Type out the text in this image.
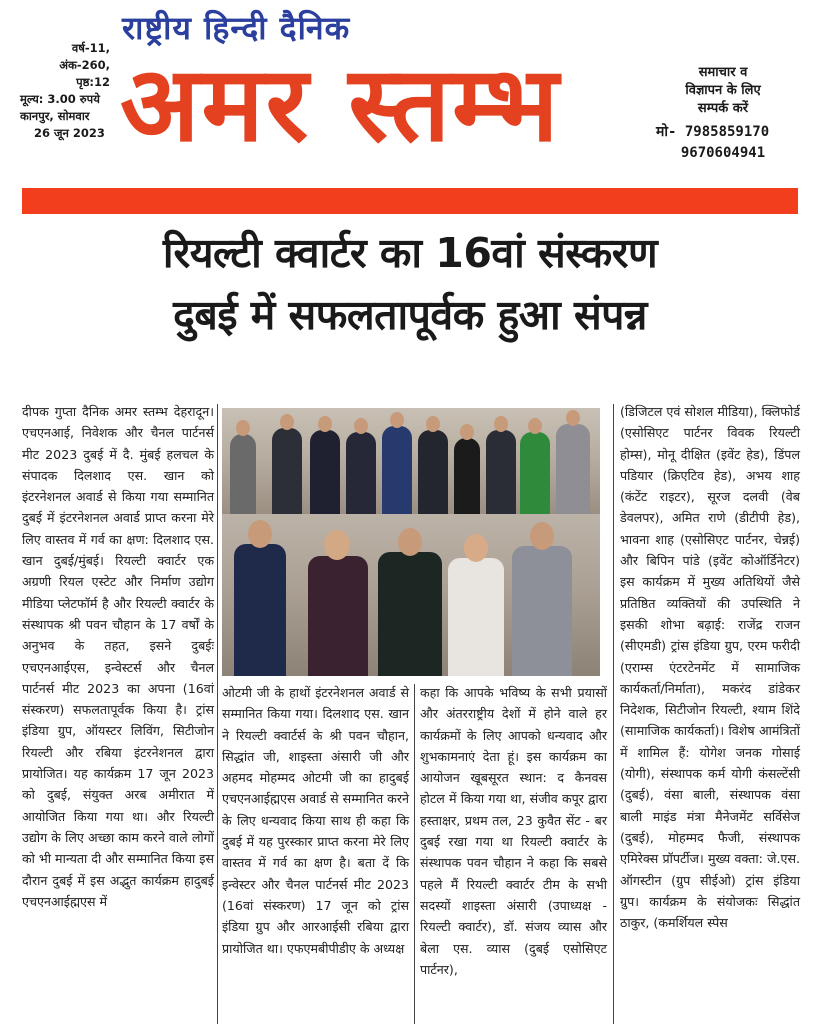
राष्ट्रीय हिन्दी दैनिक
अमर स्तम्भ
वर्ष-11,
अंक-260,
पृष्ठ:12
मूल्य: 3.00 रुपये
कानपुर, सोमवार
26 जून 2023
समाचार व
विज्ञापन के लिए
सम्पर्क करें
मो- 7985859170
9670604941
रियल्टी क्वार्टर का 16वां संस्करण
दुबई में सफलतापूर्वक हुआ संपन्न

दीपक गुप्ता दैनिक अमर स्तम्भ देहरादून। एचएनआई, निवेशक और चैनल पार्टनर्स मीट 2023 दुबई में दै. मुंबई हलचल के संपादक दिलशाद एस. खान को इंटरनेशनल अवार्ड से किया गया सम्मानित दुबई में इंटरनेशनल अवार्ड प्राप्त करना मेरे लिए वास्तव में गर्व का क्षण: दिलशाद एस. खान दुबई/मुंबई। रियल्टी क्वार्टर एक अग्रणी रियल एस्टेट और निर्माण उद्योग मीडिया प्लेटफॉर्म है और रियल्टी क्वार्टर के संस्थापक श्री पवन चौहान के 17 वर्षों के अनुभव के तहत, इसने दुबईः एचएनआईएस, इन्वेस्टर्स और चैनल पार्टनर्स मीट 2023 का अपना (16वां संस्करण) सफलतापूर्वक किया है। ट्रांस इंडिया ग्रुप, ऑयस्टर लिविंग, सिटीजोन रियल्टी और रबिया इंटरनेशनल द्वारा प्रायोजित। यह कार्यक्रम 17 जून 2023 को दुबई, संयुक्त अरब अमीरात में आयोजित किया गया था। और रियल्टी उद्योग के लिए अच्छा काम करने वाले लोगों को भी मान्यता दी और सम्मानित किया इस दौरान दुबई में इस अद्भुत कार्यक्रम हादुबई एचएनआईह्मएस में

ओटमी जी के हाथों इंटरनेशनल अवार्ड से सम्मानित किया गया। दिलशाद एस. खान ने रियल्टी क्वार्टर्स के श्री पवन चौहान, सिद्धांत जी, शाइस्ता अंसारी जी और अहमद मोहम्मद ओटमी जी का हादुबई एचएनआईह्मएस अवार्ड से सम्मानित करने के लिए धन्यवाद किया साथ ही कहा कि दुबई में यह पुरस्कार प्राप्त करना मेरे लिए वास्तव में गर्व का क्षण है। बता दें कि इन्वेस्टर और चैनल पार्टनर्स मीट 2023 (16वां संस्करण) 17 जून को ट्रांस इंडिया ग्रुप और आरआईसी रबिया द्वारा प्रायोजित था। एफएमबीपीडीए के अध्यक्ष

कहा कि आपके भविष्य के सभी प्रयासों और अंतरराष्ट्रीय देशों में होने वाले हर कार्यक्रमों के लिए आपको धन्यवाद और शुभकामनाएं देता हूं। इस कार्यक्रम का आयोजन खूबसूरत स्थान: द कैनवस होटल में किया गया था, संजीव कपूर द्वारा हस्ताक्षर, प्रथम तल, 23 कुवैत सेंट - बर दुबई रखा गया था रियल्टी क्वार्टर के संस्थापक पवन चौहान ने कहा कि सबसे पहले मैं रियल्टी क्वार्टर टीम के सभी सदस्यों शाइस्ता अंसारी (उपाध्यक्ष - रियल्टी क्वार्टर), डॉ. संजय व्यास और बेला एस. व्यास (दुबई एसोसिएट पार्टनर),

(डिजिटल एवं सोशल मीडिया), क्लिफोर्ड (एसोसिएट पार्टनर विवक रियल्टी होम्स), मोनू दीक्षित (इवेंट हेड), डिंपल पडियार (क्रिएटिव हेड), अभय शाह (कंटेंट राइटर), सूरज दलवी (वेब डेवलपर), अमित राणे (डीटीपी हेड), भावना शाह (एसोसिएट पार्टनर, चेन्नई) और बिपिन पांडे (इवेंट कोऑर्डिनेटर) इस कार्यक्रम में मुख्य अतिथियों जैसे प्रतिष्ठित व्यक्तियों की उपस्थिति ने इसकी शोभा बढ़ाई: राजेंद्र राजन (सीएमडी) ट्रांस इंडिया ग्रुप, एरम फरीदी (एराम्स एंटरटेनमेंट में सामाजिक कार्यकर्ता/निर्माता), मकरंद डांडेकर निदेशक, सिटीजोन रियल्टी, श्याम शिंदे (सामाजिक कार्यकर्ता)। विशेष आमंत्रितों में शामिल हैं: योगेश जनक गोसाई (योगी), संस्थापक कर्म योगी कंसल्टेंसी (दुबई), वंसा बाली, संस्थापक वंसा बाली माइंड मंत्रा मैनेजमेंट सर्विसेज (दुबई), मोहम्मद फैजी, संस्थापक एमिरेक्स प्रॉपर्टीज। मुख्य वक्ता: जे.एस. ऑगस्टीन (ग्रुप सीईओ) ट्रांस इंडिया ग्रुप। कार्यक्रम के संयोजकः सिद्धांत ठाकुर, (कमर्शियल स्पेस
